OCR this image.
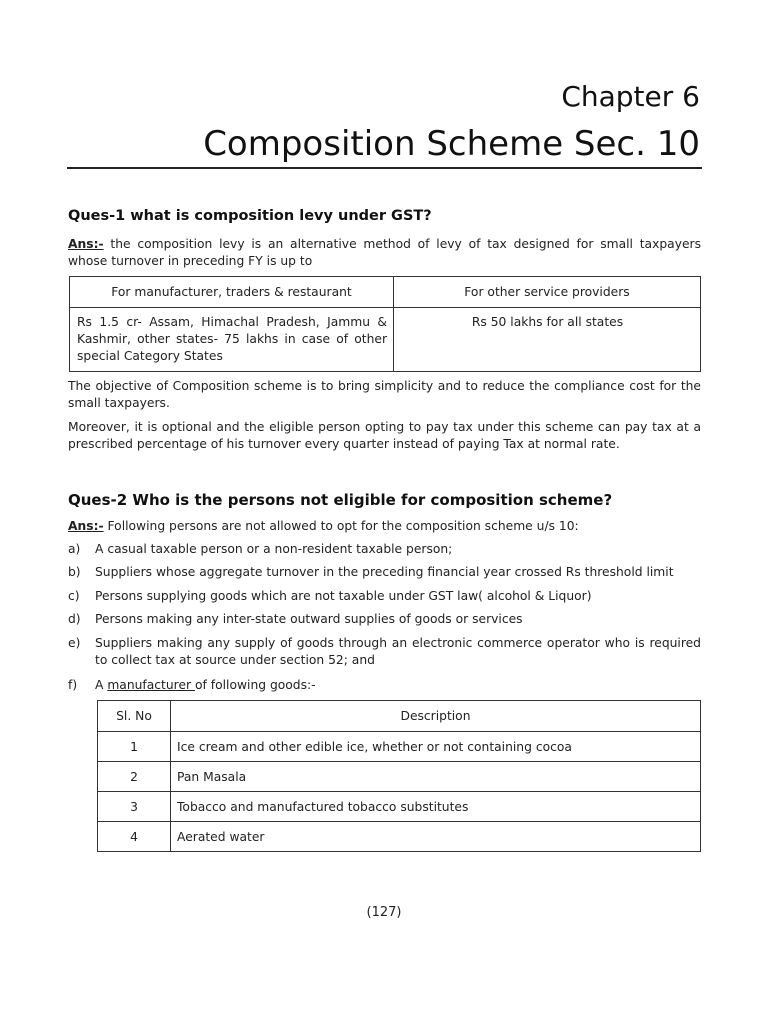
Chapter 6
Composition Scheme Sec. 10
Ques-1 what is composition levy under GST?
Ans:- the composition levy is an alternative method of levy of tax designed for small taxpayers whose turnover in preceding FY is up to
For manufacturer, traders & restaurant	For other service providers
Rs 1.5 cr- Assam, Himachal Pradesh, Jammu & Kashmir, other states- 75 lakhs in case of other special Category States	Rs 50 lakhs for all states
The objective of Composition scheme is to bring simplicity and to reduce the compliance cost for the small taxpayers.
Moreover, it is optional and the eligible person opting to pay tax under this scheme can pay tax at a prescribed percentage of his turnover every quarter instead of paying Tax at normal rate.
Ques-2 Who is the persons not eligible for composition scheme?
Ans:- Following persons are not allowed to opt for the composition scheme u/s 10:
a) A casual taxable person or a non-resident taxable person;
b) Suppliers whose aggregate turnover in the preceding financial year crossed Rs threshold limit
c) Persons supplying goods which are not taxable under GST law( alcohol & Liquor)
d) Persons making any inter-state outward supplies of goods or services
e) Suppliers making any supply of goods through an electronic commerce operator who is required to collect tax at source under section 52; and
f) A manufacturer of following goods:-
Sl. No	Description
1	Ice cream and other edible ice, whether or not containing cocoa
2	Pan Masala
3	Tobacco and manufactured tobacco substitutes
4	Aerated water
(127)
